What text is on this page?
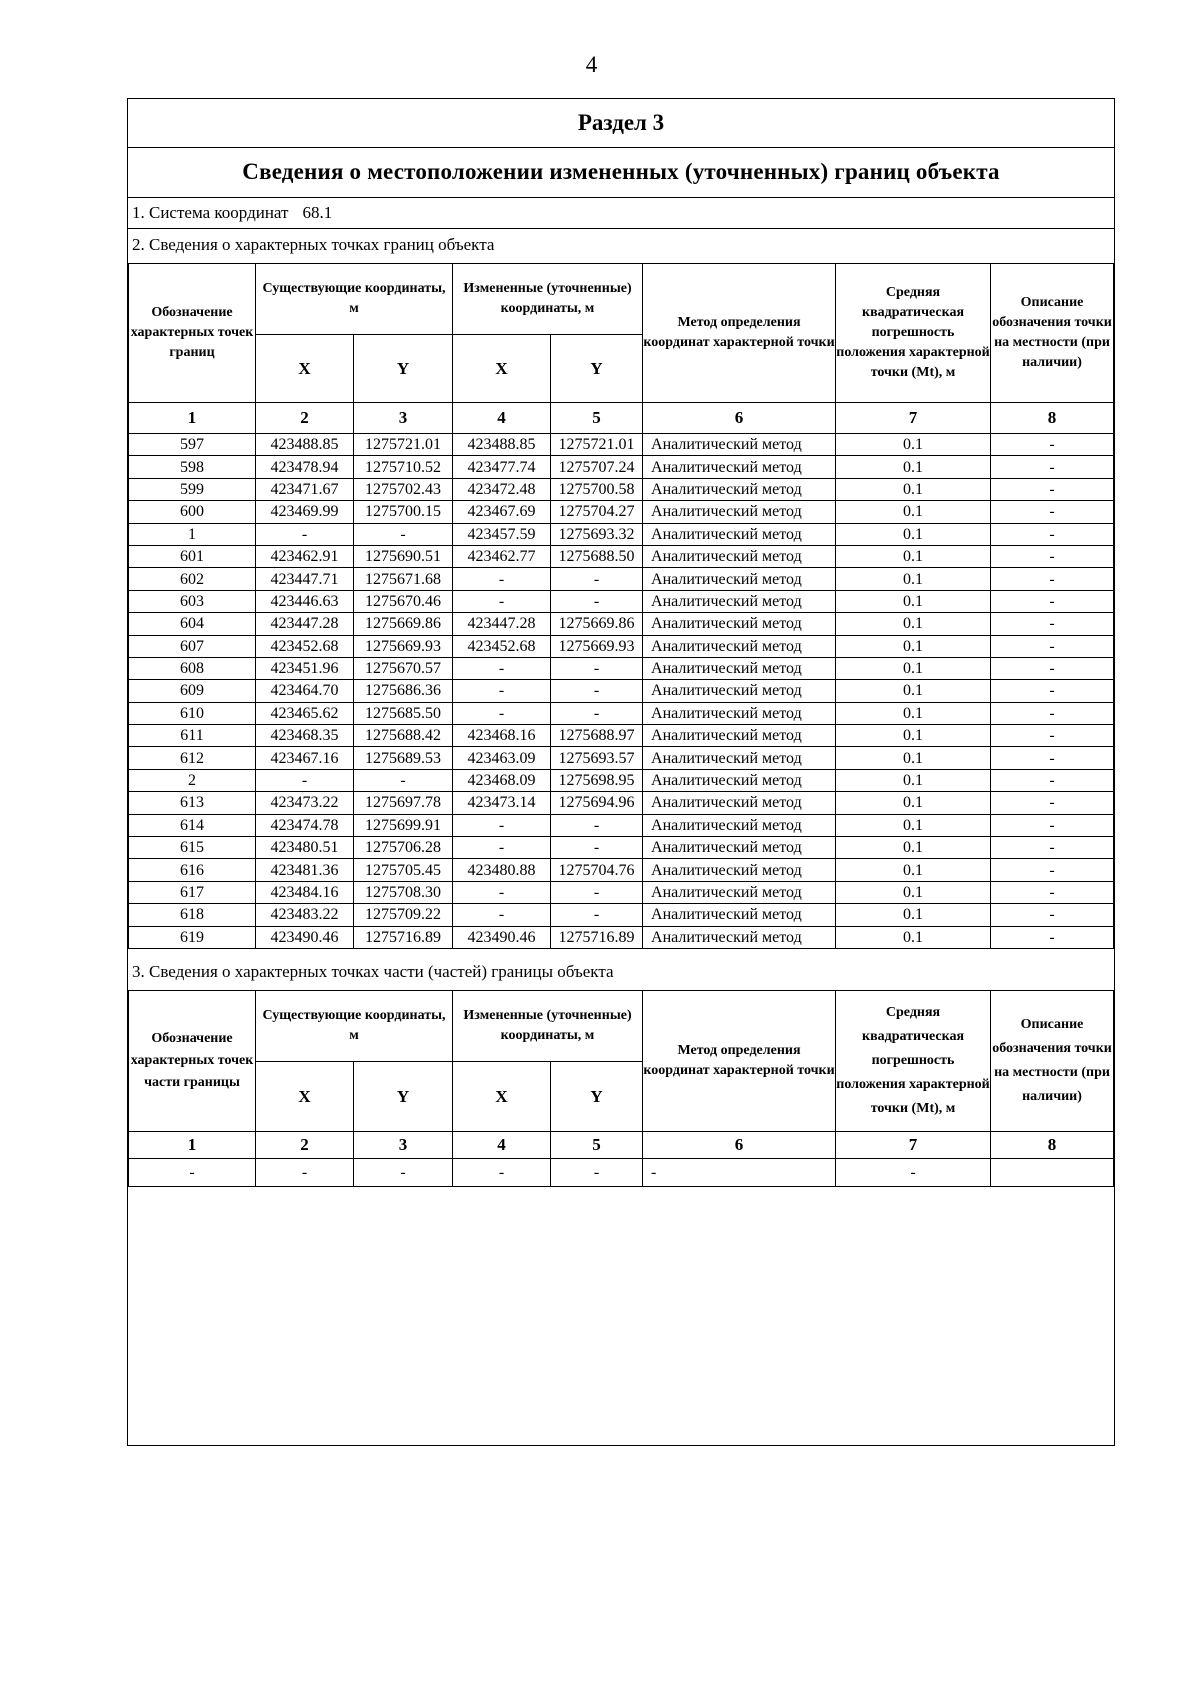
4
Раздел 3
Сведения о местоположении измененных (уточненных) границ объекта
1. Система координат 68.1
2. Сведения о характерных точках границ объекта
Обозначение характерных точек границ	Существующие координаты, м		Измененные (уточненные) координаты, м		Метод определения координат характерной точки	Средняя квадратическая погрешность положения характерной точки (Mt), м	Описание обозначения точки на местности (при наличии)
	X	Y	X	Y			
1	2	3	4	5	6	7	8
597	423488.85	1275721.01	423488.85	1275721.01	Аналитический метод	0.1	-
598	423478.94	1275710.52	423477.74	1275707.24	Аналитический метод	0.1	-
599	423471.67	1275702.43	423472.48	1275700.58	Аналитический метод	0.1	-
600	423469.99	1275700.15	423467.69	1275704.27	Аналитический метод	0.1	-
1	-	-	423457.59	1275693.32	Аналитический метод	0.1	-
601	423462.91	1275690.51	423462.77	1275688.50	Аналитический метод	0.1	-
602	423447.71	1275671.68	-	-	Аналитический метод	0.1	-
603	423446.63	1275670.46	-	-	Аналитический метод	0.1	-
604	423447.28	1275669.86	423447.28	1275669.86	Аналитический метод	0.1	-
607	423452.68	1275669.93	423452.68	1275669.93	Аналитический метод	0.1	-
608	423451.96	1275670.57	-	-	Аналитический метод	0.1	-
609	423464.70	1275686.36	-	-	Аналитический метод	0.1	-
610	423465.62	1275685.50	-	-	Аналитический метод	0.1	-
611	423468.35	1275688.42	423468.16	1275688.97	Аналитический метод	0.1	-
612	423467.16	1275689.53	423463.09	1275693.57	Аналитический метод	0.1	-
2	-	-	423468.09	1275698.95	Аналитический метод	0.1	-
613	423473.22	1275697.78	423473.14	1275694.96	Аналитический метод	0.1	-
614	423474.78	1275699.91	-	-	Аналитический метод	0.1	-
615	423480.51	1275706.28	-	-	Аналитический метод	0.1	-
616	423481.36	1275705.45	423480.88	1275704.76	Аналитический метод	0.1	-
617	423484.16	1275708.30	-	-	Аналитический метод	0.1	-
618	423483.22	1275709.22	-	-	Аналитический метод	0.1	-
619	423490.46	1275716.89	423490.46	1275716.89	Аналитический метод	0.1	-
3. Сведения о характерных точках части (частей) границы объекта
Обозначение характерных точек части границы	Существующие координаты, м		Измененные (уточненные) координаты, м		Метод определения координат характерной точки	Средняя квадратическая погрешность положения характерной точки (Mt), м	Описание обозначения точки на местности (при наличии)
	X	Y	X	Y			
1	2	3	4	5	6	7	8
-	-	-	-	-	-	-	
